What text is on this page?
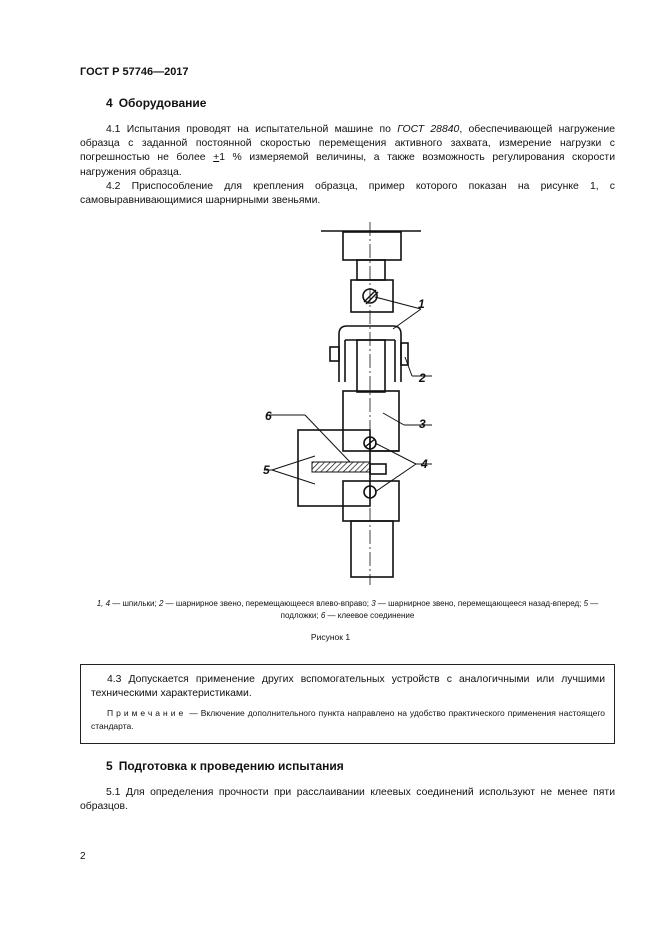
ГОСТ Р 57746—2017
4 Оборудование
4.1 Испытания проводят на испытательной машине по ГОСТ 28840, обеспечивающей нагружение образца с заданной постоянной скоростью перемещения активного захвата, измерение нагрузки с погрешностью не более +1 % измеряемой величины, а также возможность регулирования скорости нагружения образца.
4.2 Приспособление для крепления образца, пример которого показан на рисунке 1, с самовыравнивающимися шарнирными звеньями.
1
2
3
4
5
6
1, 4 — шпильки; 2 — шарнирное звено, перемещающееся влево-вправо; 3 — шарнирное звено, перемещающееся назад-вперед; 5 — подложки; 6 — клеевое соединение
Рисунок 1
4.3 Допускается применение других вспомогательных устройств с аналогичными или лучшими техническими характеристиками.
Примечание — Включение дополнительного пункта направлено на удобство практического применения настоящего стандарта.
5 Подготовка к проведению испытания
5.1 Для определения прочности при расслаивании клеевых соединений используют не менее пяти образцов.
2
